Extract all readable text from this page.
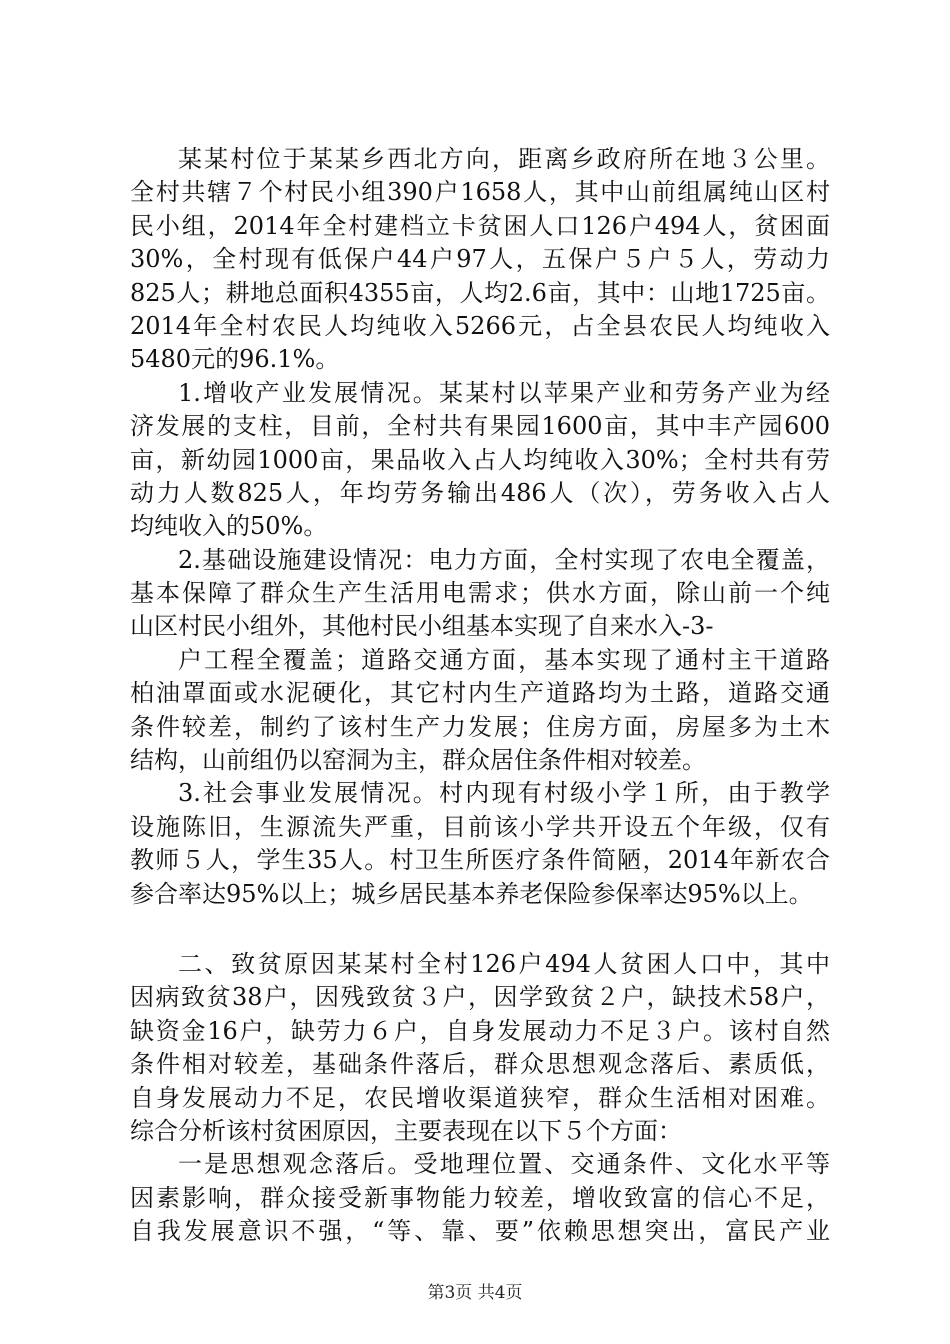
某某村位于某某乡西北方向，距离乡政府所在地３公里。
全村共辖７个村民小组390户1658人，其中山前组属纯山区村
民小组，2014年全村建档立卡贫困人口126户494人，贫困面
30%，全村现有低保户44户97人，五保户５户５人，劳动力
825人；耕地总面积4355亩，人均2.6亩，其中：山地1725亩。
2014年全村农民人均纯收入5266元，占全县农民人均纯收入
5480元的96.1%。
1.增收产业发展情况。某某村以苹果产业和劳务产业为经
济发展的支柱，目前，全村共有果园1600亩，其中丰产园600
亩，新幼园1000亩，果品收入占人均纯收入30%；全村共有劳
动力人数825人，年均劳务输出486人（次），劳务收入占人
均纯收入的50%。
2.基础设施建设情况：电力方面，全村实现了农电全覆盖，
基本保障了群众生产生活用电需求；供水方面，除山前一个纯
山区村民小组外，其他村民小组基本实现了自来水入-3-
户工程全覆盖；道路交通方面，基本实现了通村主干道路
柏油罩面或水泥硬化，其它村内生产道路均为土路，道路交通
条件较差，制约了该村生产力发展；住房方面，房屋多为土木
结构，山前组仍以窑洞为主，群众居住条件相对较差。
3.社会事业发展情况。村内现有村级小学１所，由于教学
设施陈旧，生源流失严重，目前该小学共开设五个年级，仅有
教师５人，学生35人。村卫生所医疗条件简陋，2014年新农合
参合率达95%以上；城乡居民基本养老保险参保率达95%以上。
二、致贫原因某某村全村126户494人贫困人口中，其中
因病致贫38户，因残致贫３户，因学致贫２户，缺技术58户，
缺资金16户，缺劳力６户，自身发展动力不足３户。该村自然
条件相对较差，基础条件落后，群众思想观念落后、素质低，
自身发展动力不足，农民增收渠道狭窄，群众生活相对困难。
综合分析该村贫困原因，主要表现在以下５个方面：
一是思想观念落后。受地理位置、交通条件、文化水平等
因素影响，群众接受新事物能力较差，增收致富的信心不足，
自我发展意识不强，“等、靠、要”依赖思想突出，富民产业
第3页 共4页
